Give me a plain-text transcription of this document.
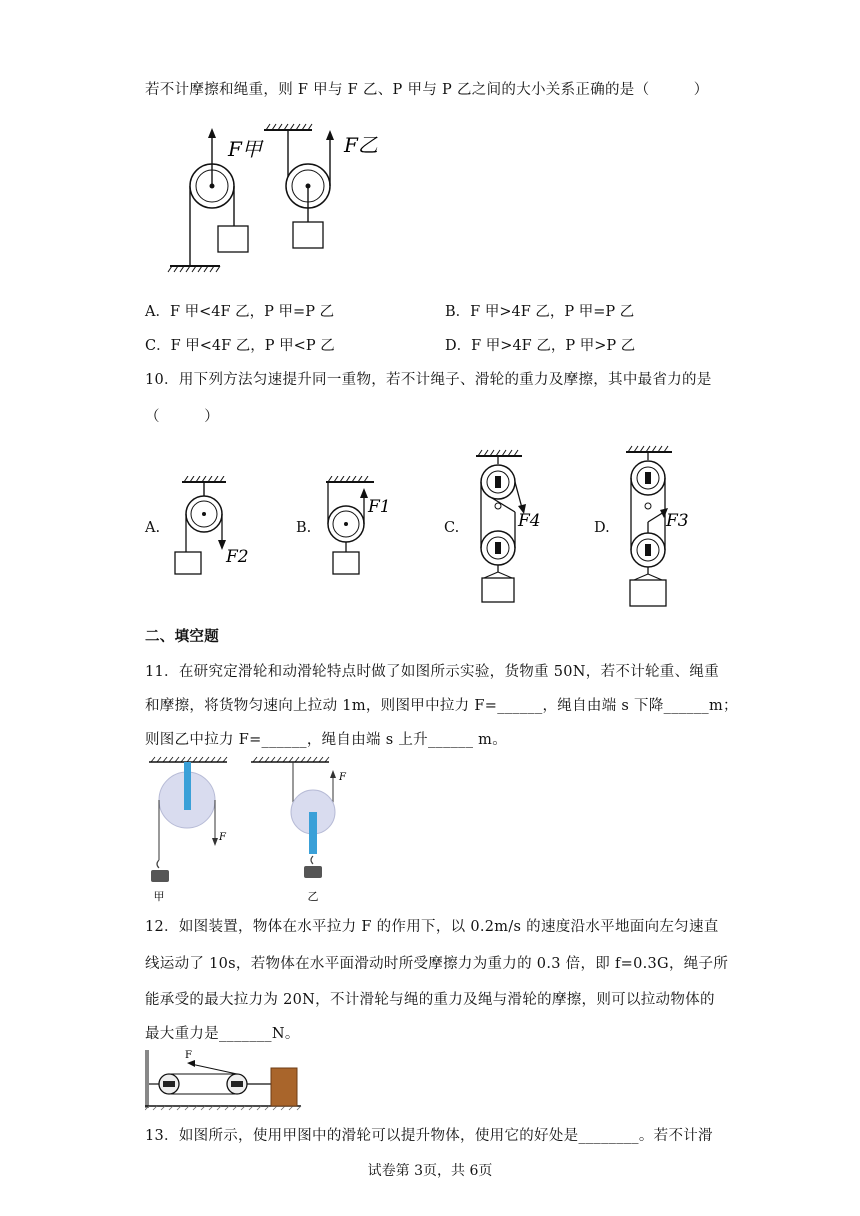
若不计摩擦和绳重，则 F 甲与 F 乙、P 甲与 P 乙之间的大小关系正确的是（　　　）
F甲	F乙
A．F 甲<4F 乙，P 甲=P 乙	B．F 甲>4F 乙，P 甲=P 乙
C．F 甲<4F 乙，P 甲<P 乙	D．F 甲>4F 乙，P 甲>P 乙
10．用下列方法匀速提升同一重物，若不计绳子、滑轮的重力及摩擦，其中最省力的是
（　　　）
A.	B.	C.	D.
F2
F1
F4	F3
二、填空题
11．在研究定滑轮和动滑轮特点时做了如图所示实验，货物重 50N，若不计轮重、绳重
和摩擦，将货物匀速向上拉动 1m，则图甲中拉力 F=______，绳自由端 s 下降______m；
则图乙中拉力 F=______，绳自由端 s 上升______ m。
F
甲
F
乙
12．如图装置，物体在水平拉力 F 的作用下，以 0.2m/s 的速度沿水平地面向左匀速直
线运动了 10s，若物体在水平面滑动时所受摩擦力为重力的 0.3 倍，即 f=0.3G，绳子所
能承受的最大拉力为 20N，不计滑轮与绳的重力及绳与滑轮的摩擦，则可以拉动物体的
最大重力是_______N。
F
13．如图所示，使用甲图中的滑轮可以提升物体，使用它的好处是________。若不计滑
试卷第 3页，共 6页
